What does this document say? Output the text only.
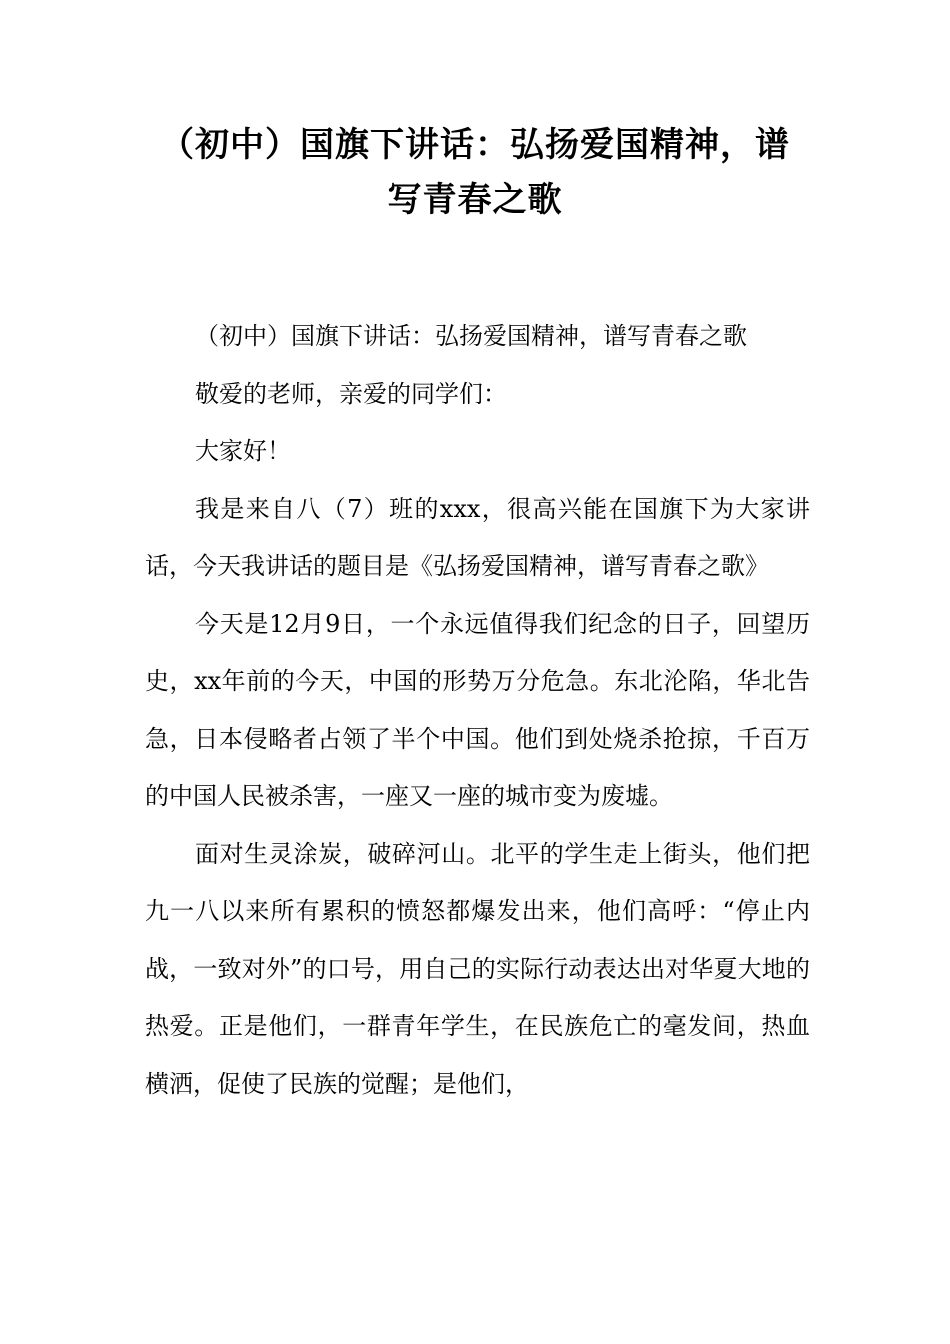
（初中）国旗下讲话：弘扬爱国精神，谱
写青春之歌

（初中）国旗下讲话：弘扬爱国精神，谱写青春之歌

敬爱的老师，亲爱的同学们：

大家好！

我是来自八（7）班的xxx，很高兴能在国旗下为大家讲话，今天我讲话的题目是《弘扬爱国精神，谱写青春之歌》

今天是12月9日，一个永远值得我们纪念的日子，回望历史，xx年前的今天，中国的形势万分危急。东北沦陷，华北告急，日本侵略者占领了半个中国。他们到处烧杀抢掠，千百万的中国人民被杀害，一座又一座的城市变为废墟。

面对生灵涂炭，破碎河山。北平的学生走上街头，他们把九一八以来所有累积的愤怒都爆发出来，他们高呼：“停止内战，一致对外”的口号，用自己的实际行动表达出对华夏大地的热爱。正是他们，一群青年学生，在民族危亡的毫发间，热血横洒，促使了民族的觉醒；是他们，
